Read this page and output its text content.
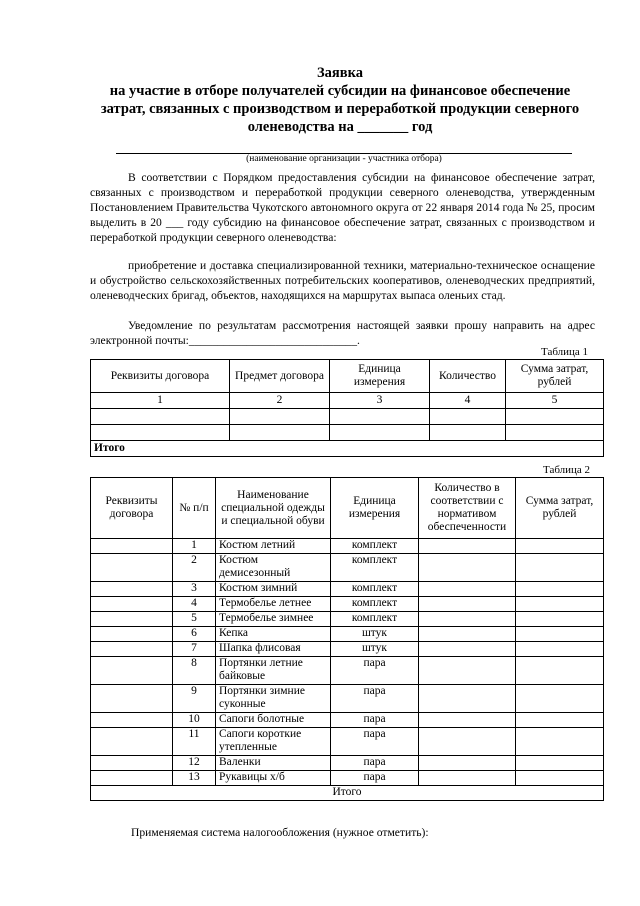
Заявка
на участие в отборе получателей субсидии на финансовое обеспечение
затрат, связанных с производством и переработкой продукции северного
оленеводства на _______ год
(наименование организации - участника отбора)
В соответствии с Порядком предоставления субсидии на финансовое обеспечение затрат, связанных с производством и переработкой продукции северного оленеводства, утвержденным Постановлением Правительства Чукотского автономного округа от 22 января 2014 года № 25, просим выделить в 20 ___ году субсидию на финансовое обеспечение затрат, связанных с производством и переработкой продукции северного оленеводства:
приобретение и доставка специализированной техники, материально-техническое оснащение и обустройство сельскохозяйственных потребительских кооперативов, оленеводческих предприятий, оленеводческих бригад, объектов, находящихся на маршрутах выпаса оленьих стад.
Уведомление по результатам рассмотрения настоящей заявки прошу направить на адрес электронной почты:_____________________________.
Таблица 1
Реквизиты договора	Предмет договора	Единица измерения	Количество	Сумма затрат, рублей
1	2	3	4	5

Итого				
Таблица 2
Реквизиты договора	№ п/п	Наименование специальной одежды и специальной обуви	Единица измерения	Количество в соответствии с нормативом обеспеченности	Сумма затрат, рублей
	1	Костюм летний	комплект		
	2	Костюм демисезонный	комплект		
	3	Костюм зимний	комплект		
	4	Термобелье летнее	комплект		
	5	Термобелье зимнее	комплект		
	6	Кепка	штук		
	7	Шапка флисовая	штук		
	8	Портянки летние байковые	пара		
	9	Портянки зимние суконные	пара		
	10	Сапоги болотные	пара		
	11	Сапоги короткие утепленные	пара		
	12	Валенки	пара		
	13	Рукавицы х/б	пара		
Итого					
Применяемая система налогообложения (нужное отметить):
